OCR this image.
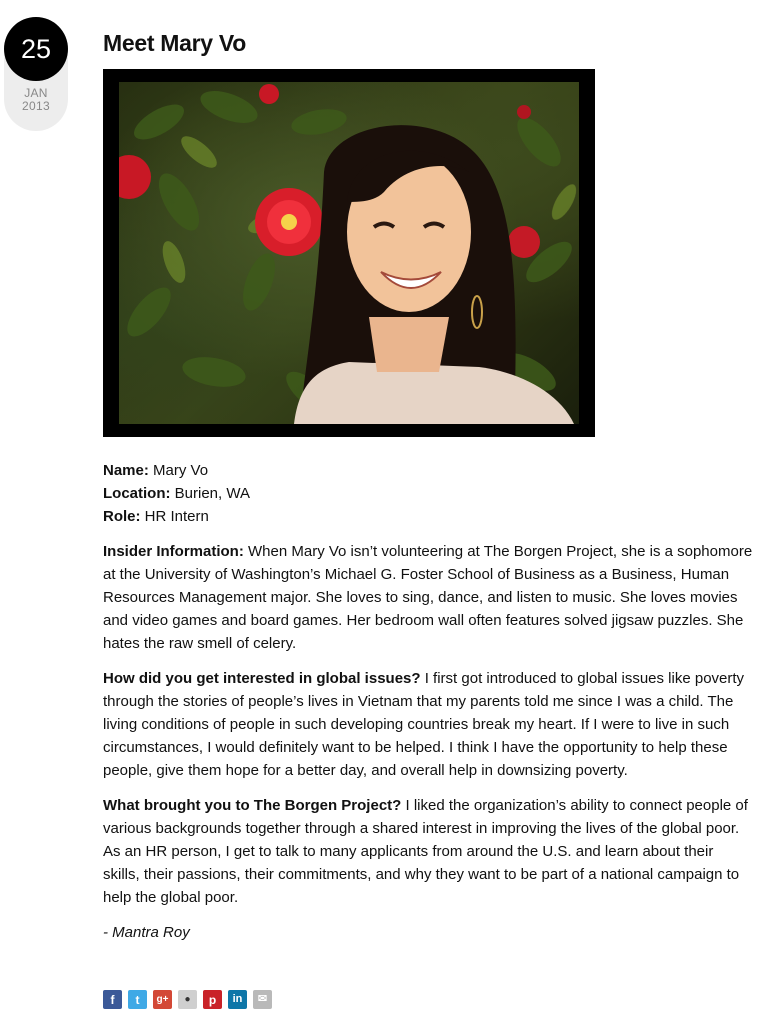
25
JAN
2013
Meet Mary Vo

Name: Mary Vo

Location: Burien, WA

Role: HR Intern

Insider Information: When Mary Vo isn’t volunteering at The Borgen Project, she is a sophomore at the University of Washington’s Michael G. Foster School of Business as a Business, Human Resources Management major. She loves to sing, dance, and listen to music. She loves movies and video games and board games. Her bedroom wall often features solved jigsaw puzzles. She hates the raw smell of celery.

How did you get interested in global issues? I first got introduced to global issues like poverty through the stories of people’s lives in Vietnam that my parents told me since I was a child. The living conditions of people in such developing countries break my heart. If I were to live in such circumstances, I would definitely want to be helped. I think I have the opportunity to help these people, give them hope for a better day, and overall help in downsizing poverty.

What brought you to The Borgen Project? I liked the organization’s ability to connect people of various backgrounds together through a shared interest in improving the lives of the global poor. As an HR person, I get to talk to many applicants from around the U.S. and learn about their skills, their passions, their commitments, and why they want to be part of a national campaign to help the global poor.

- Mantra Roy

f	t	g+	●	p	in	✉
